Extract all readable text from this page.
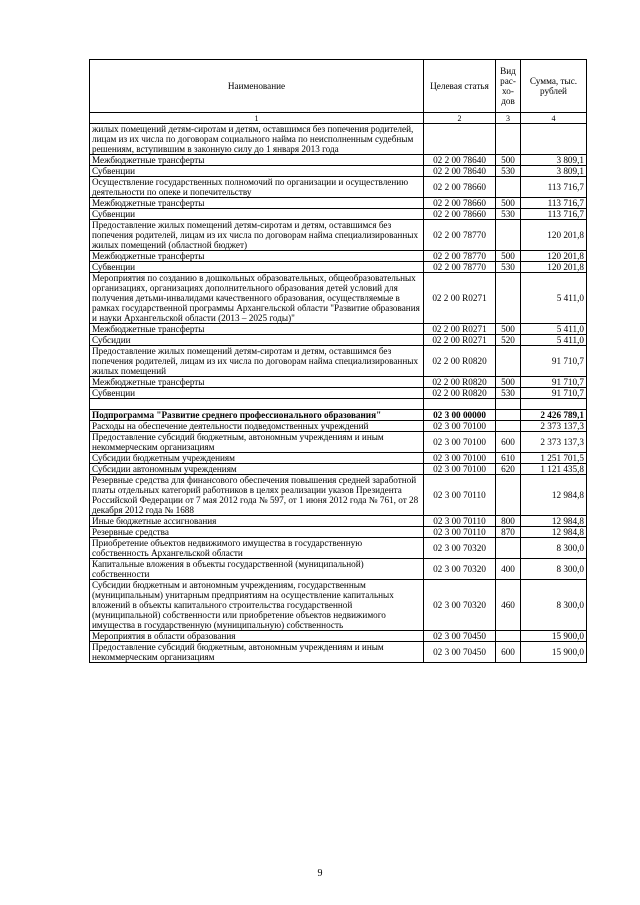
Наименование	Целевая статья	Вид рас-хо-дов	Сумма, тыс. рублей
1	2	3	4
жилых помещений детям-сиротам и детям, оставшимся без попечения родителей, лицам из их числа по договорам социального найма по неисполненным судебным решениям, вступившим в законную силу до 1 января 2013 года			
Межбюджетные трансферты	02 2 00 78640	500	3 809,1
Субвенции	02 2 00 78640	530	3 809,1
Осуществление государственных полномочий по организации и осуществлению деятельности по опеке и попечительству	02 2 00 78660		113 716,7
Межбюджетные трансферты	02 2 00 78660	500	113 716,7
Субвенции	02 2 00 78660	530	113 716,7
Предоставление жилых помещений детям-сиротам и детям, оставшимся без попечения родителей, лицам из их числа по договорам найма специализированных жилых помещений (областной бюджет)	02 2 00 78770		120 201,8
Межбюджетные трансферты	02 2 00 78770	500	120 201,8
Субвенции	02 2 00 78770	530	120 201,8
Мероприятия по созданию в дошкольных образовательных, общеобразовательных организациях, организациях дополнительного образования детей условий для получения детьми-инвалидами качественного образования, осуществляемые в рамках государственной программы Архангельской области "Развитие образования и науки Архангельской области (2013 – 2025 годы)"	02 2 00 R0271		5 411,0
Межбюджетные трансферты	02 2 00 R0271	500	5 411,0
Субсидии	02 2 00 R0271	520	5 411,0
Предоставление жилых помещений детям-сиротам и детям, оставшимся без попечения родителей, лицам из их числа по договорам найма специализированных жилых помещений	02 2 00 R0820		91 710,7
Межбюджетные трансферты	02 2 00 R0820	500	91 710,7
Субвенции	02 2 00 R0820	530	91 710,7

Подпрограмма "Развитие среднего профессионального образования"	02 3 00 00000		2 426 789,1
Расходы на обеспечение деятельности подведомственных учреждений	02 3 00 70100		2 373 137,3
Предоставление субсидий бюджетным, автономным учреждениям и иным некоммерческим организациям	02 3 00 70100	600	2 373 137,3
Субсидии бюджетным учреждениям	02 3 00 70100	610	1 251 701,5
Субсидии автономным учреждениям	02 3 00 70100	620	1 121 435,8
Резервные средства для финансового обеспечения повышения средней заработной платы отдельных категорий работников в целях реализации указов Президента Российской Федерации от 7 мая 2012 года № 597, от 1 июня 2012 года № 761, от 28 декабря 2012 года № 1688	02 3 00 70110		12 984,8
Иные бюджетные ассигнования	02 3 00 70110	800	12 984,8
Резервные средства	02 3 00 70110	870	12 984,8
Приобретение объектов недвижимого имущества в государственную собственность Архангельской области	02 3 00 70320		8 300,0
Капитальные вложения в объекты государственной (муниципальной) собственности	02 3 00 70320	400	8 300,0
Субсидии бюджетным и автономным учреждениям, государственным (муниципальным) унитарным предприятиям на осуществление капитальных вложений в объекты капитального строительства государственной (муниципальной) собственности или приобретение объектов недвижимого имущества в государственную (муниципальную) собственность	02 3 00 70320	460	8 300,0
Мероприятия в области образования	02 3 00 70450		15 900,0
Предоставление субсидий бюджетным, автономным учреждениям и иным некоммерческим организациям	02 3 00 70450	600	15 900,0
9
